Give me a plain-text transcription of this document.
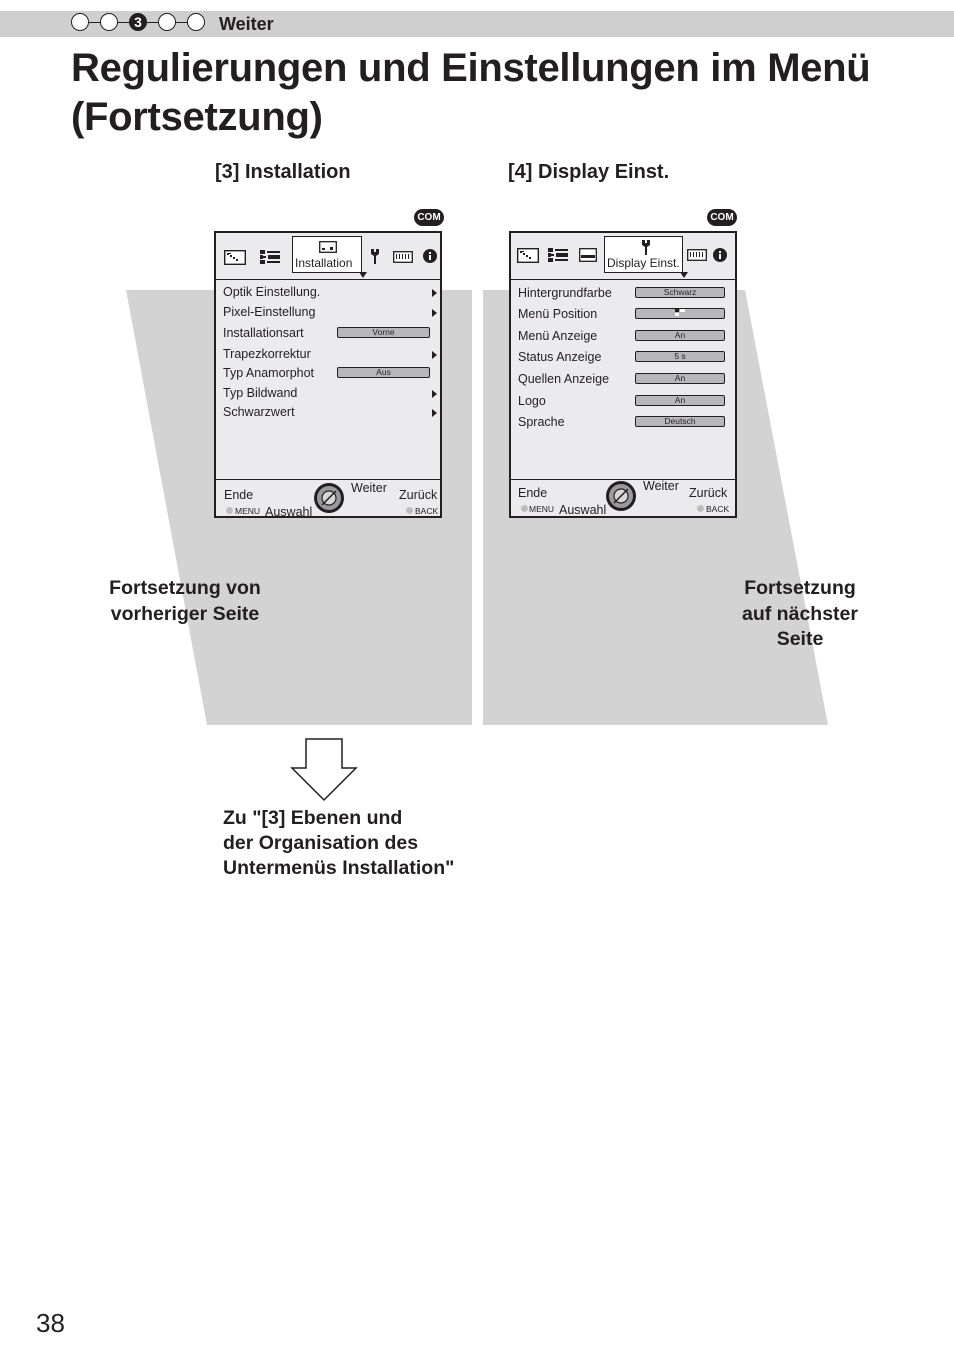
3	Weiter
Regulierungen und Einstellungen im Menü (Fortsetzung)
[3] Installation	[4] Display Einst.
COM	COM
Installation
Optik Einstellung.
Pixel-Einstellung
Installationsart	Vorne
Trapezkorrektur
Typ Anamorphot	Aus
Typ Bildwand
Schwarzwert
Ende
MENU Auswahl
Weiter Zurück
BACK
Display Einst.
Hintergrundfarbe	Schwarz
Menü Position
Menü Anzeige	An
Status Anzeige	5 s
Quellen Anzeige	An
Logo	An
Sprache	Deutsch
Ende
MENU Auswahl
Weiter Zurück
BACK
Fortsetzung von
vorheriger Seite
Fortsetzung
auf nächster
Seite
Zu "[3] Ebenen und
der Organisation des
Untermenüs Installation"
38
